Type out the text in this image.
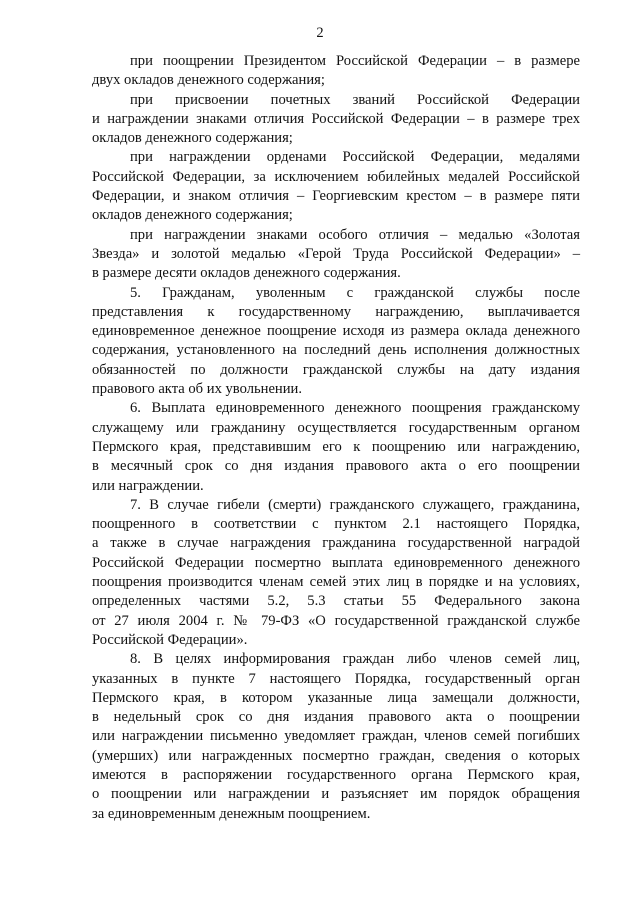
2
при поощрении Президентом Российской Федерации – в размере
двух окладов денежного содержания;
при присвоении почетных званий Российской Федерации
и награждении знаками отличия Российской Федерации – в размере трех
окладов денежного содержания;
при награждении орденами Российской Федерации, медалями
Российской Федерации, за исключением юбилейных медалей Российской
Федерации, и знаком отличия – Георгиевским крестом – в размере пяти
окладов денежного содержания;
при награждении знаками особого отличия – медалью «Золотая
Звезда» и золотой медалью «Герой Труда Российской Федерации» –
в размере десяти окладов денежного содержания.
5. Гражданам, уволенным с гражданской службы после
представления к государственному награждению, выплачивается
единовременное денежное поощрение исходя из размера оклада денежного
содержания, установленного на последний день исполнения должностных
обязанностей по должности гражданской службы на дату издания
правового акта об их увольнении.
6. Выплата единовременного денежного поощрения гражданскому
служащему или гражданину осуществляется государственным органом
Пермского края, представившим его к поощрению или награждению,
в месячный срок со дня издания правового акта о его поощрении
или награждении.
7. В случае гибели (смерти) гражданского служащего, гражданина,
поощренного в соответствии с пунктом 2.1 настоящего Порядка,
а также в случае награждения гражданина государственной наградой
Российской Федерации посмертно выплата единовременного денежного
поощрения производится членам семей этих лиц в порядке и на условиях,
определенных частями 5.2, 5.3 статьи 55 Федерального закона
от 27 июля 2004 г. № 79-ФЗ «О государственной гражданской службе
Российской Федерации».
8. В целях информирования граждан либо членов семей лиц,
указанных в пункте 7 настоящего Порядка, государственный орган
Пермского края, в котором указанные лица замещали должности,
в недельный срок со дня издания правового акта о поощрении
или награждении письменно уведомляет граждан, членов семей погибших
(умерших) или награжденных посмертно граждан, сведения о которых
имеются в распоряжении государственного органа Пермского края,
о поощрении или награждении и разъясняет им порядок обращения
за единовременным денежным поощрением.
